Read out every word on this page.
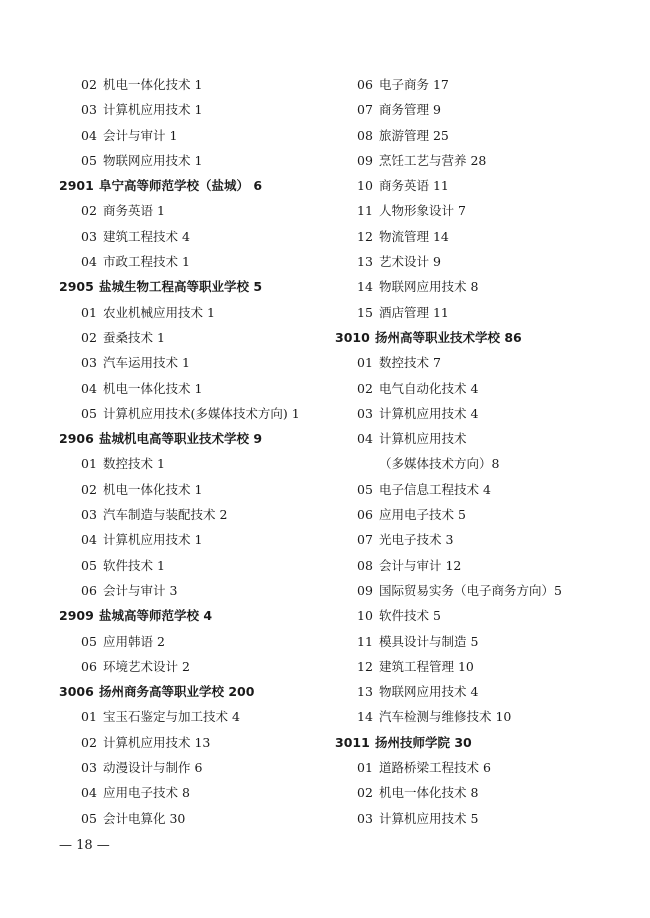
02 机电一体化技术 1
03 计算机应用技术 1
04 会计与审计 1
05 物联网应用技术 1
2901 阜宁高等师范学校（盐城） 6
02 商务英语 1
03 建筑工程技术 4
04 市政工程技术 1
2905 盐城生物工程高等职业学校 5
01 农业机械应用技术 1
02 蚕桑技术 1
03 汽车运用技术 1
04 机电一体化技术 1
05 计算机应用技术(多媒体技术方向) 1
2906 盐城机电高等职业技术学校 9
01 数控技术 1
02 机电一体化技术 1
03 汽车制造与装配技术 2
04 计算机应用技术 1
05 软件技术 1
06 会计与审计 3
2909 盐城高等师范学校 4
05 应用韩语 2
06 环境艺术设计 2
3006 扬州商务高等职业学校 200
01 宝玉石鉴定与加工技术 4
02 计算机应用技术 13
03 动漫设计与制作 6
04 应用电子技术 8
05 会计电算化 30
06 电子商务 17
07 商务管理 9
08 旅游管理 25
09 烹饪工艺与营养 28
10 商务英语 11
11 人物形象设计 7
12 物流管理 14
13 艺术设计 9
14 物联网应用技术 8
15 酒店管理 11
3010 扬州高等职业技术学校 86
01 数控技术 7
02 电气自动化技术 4
03 计算机应用技术 4
04 计算机应用技术
（多媒体技术方向）8
05 电子信息工程技术 4
06 应用电子技术 5
07 光电子技术 3
08 会计与审计 12
09 国际贸易实务（电子商务方向）5
10 软件技术 5
11 模具设计与制造 5
12 建筑工程管理 10
13 物联网应用技术 4
14 汽车检测与维修技术 10
3011 扬州技师学院 30
01 道路桥梁工程技术 6
02 机电一体化技术 8
03 计算机应用技术 5
— 18 —
